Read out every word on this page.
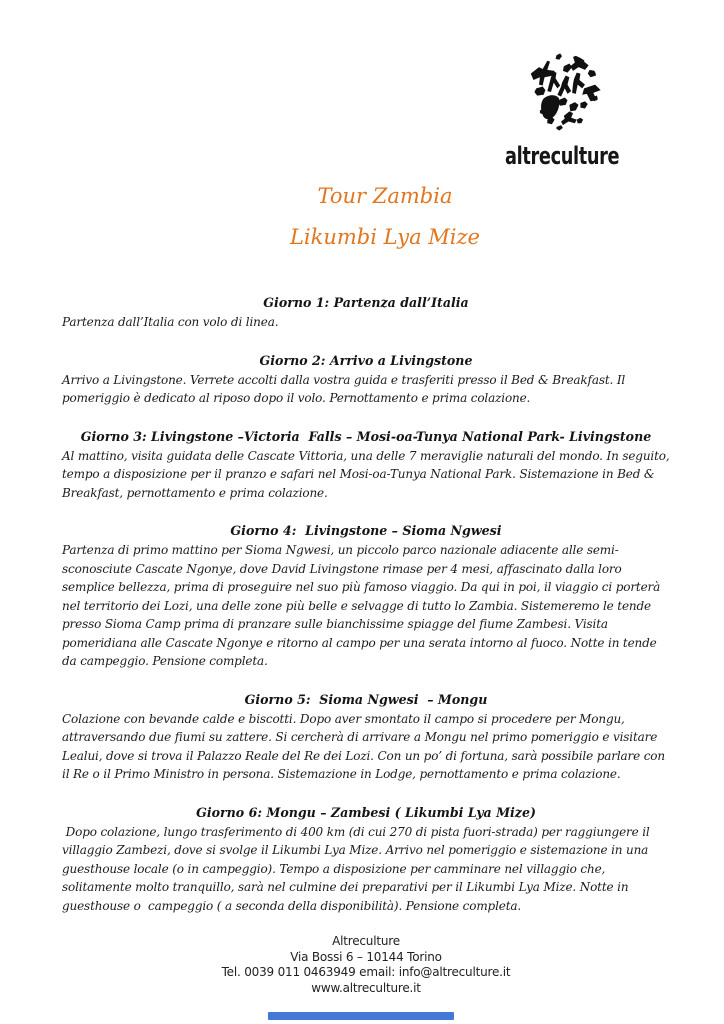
altreculture
Tour Zambia
Likumbi Lya Mize
Giorno 1: Partenza dall’Italia

Partenza dall’Italia con volo di linea.

Giorno 2: Arrivo a Livingstone

Arrivo a Livingstone. Verrete accolti dalla vostra guida e trasferiti presso il Bed & Breakfast. Il pomeriggio è dedicato al riposo dopo il volo. Pernottamento e prima colazione.

Giorno 3: Livingstone –Victoria  Falls – Mosi-oa-Tunya National Park- Livingstone

Al mattino, visita guidata delle Cascate Vittoria, una delle 7 meraviglie naturali del mondo. In seguito, tempo a disposizione per il pranzo e safari nel Mosi-oa-Tunya National Park. Sistemazione in Bed & Breakfast, pernottamento e prima colazione.

Giorno 4:  Livingstone – Sioma Ngwesi

Partenza di primo mattino per Sioma Ngwesi, un piccolo parco nazionale adiacente alle semi-sconosciute Cascate Ngonye, dove David Livingstone rimase per 4 mesi, affascinato dalla loro semplice bellezza, prima di proseguire nel suo più famoso viaggio. Da qui in poi, il viaggio ci porterà nel territorio dei Lozi, una delle zone più belle e selvagge di tutto lo Zambia. Sistemeremo le tende presso Sioma Camp prima di pranzare sulle bianchissime spiagge del fiume Zambesi. Visita pomeridiana alle Cascate Ngonye e ritorno al campo per una serata intorno al fuoco. Notte in tende da campeggio. Pensione completa.

Giorno 5:  Sioma Ngwesi  – Mongu

Colazione con bevande calde e biscotti. Dopo aver smontato il campo si procedere per Mongu, attraversando due fiumi su zattere. Si cercherà di arrivare a Mongu nel primo pomeriggio e visitare Lealui, dove si trova il Palazzo Reale del Re dei Lozi. Con un po’ di fortuna, sarà possibile parlare con il Re o il Primo Ministro in persona. Sistemazione in Lodge, pernottamento e prima colazione.

Giorno 6: Mongu – Zambesi ( Likumbi Lya Mize)

Dopo colazione, lungo trasferimento di 400 km (di cui 270 di pista fuori-strada) per raggiungere il villaggio Zambezi, dove si svolge il Likumbi Lya Mize. Arrivo nel pomeriggio e sistemazione in una guesthouse locale (o in campeggio). Tempo a disposizione per camminare nel villaggio che, solitamente molto tranquillo, sarà nel culmine dei preparativi per il Likumbi Lya Mize. Notte in guesthouse o  campeggio ( a seconda della disponibilità). Pensione completa.

Altreculture
Via Bossi 6 – 10144 Torino
Tel. 0039 011 0463949 email: info@altreculture.it
www.altreculture.it
